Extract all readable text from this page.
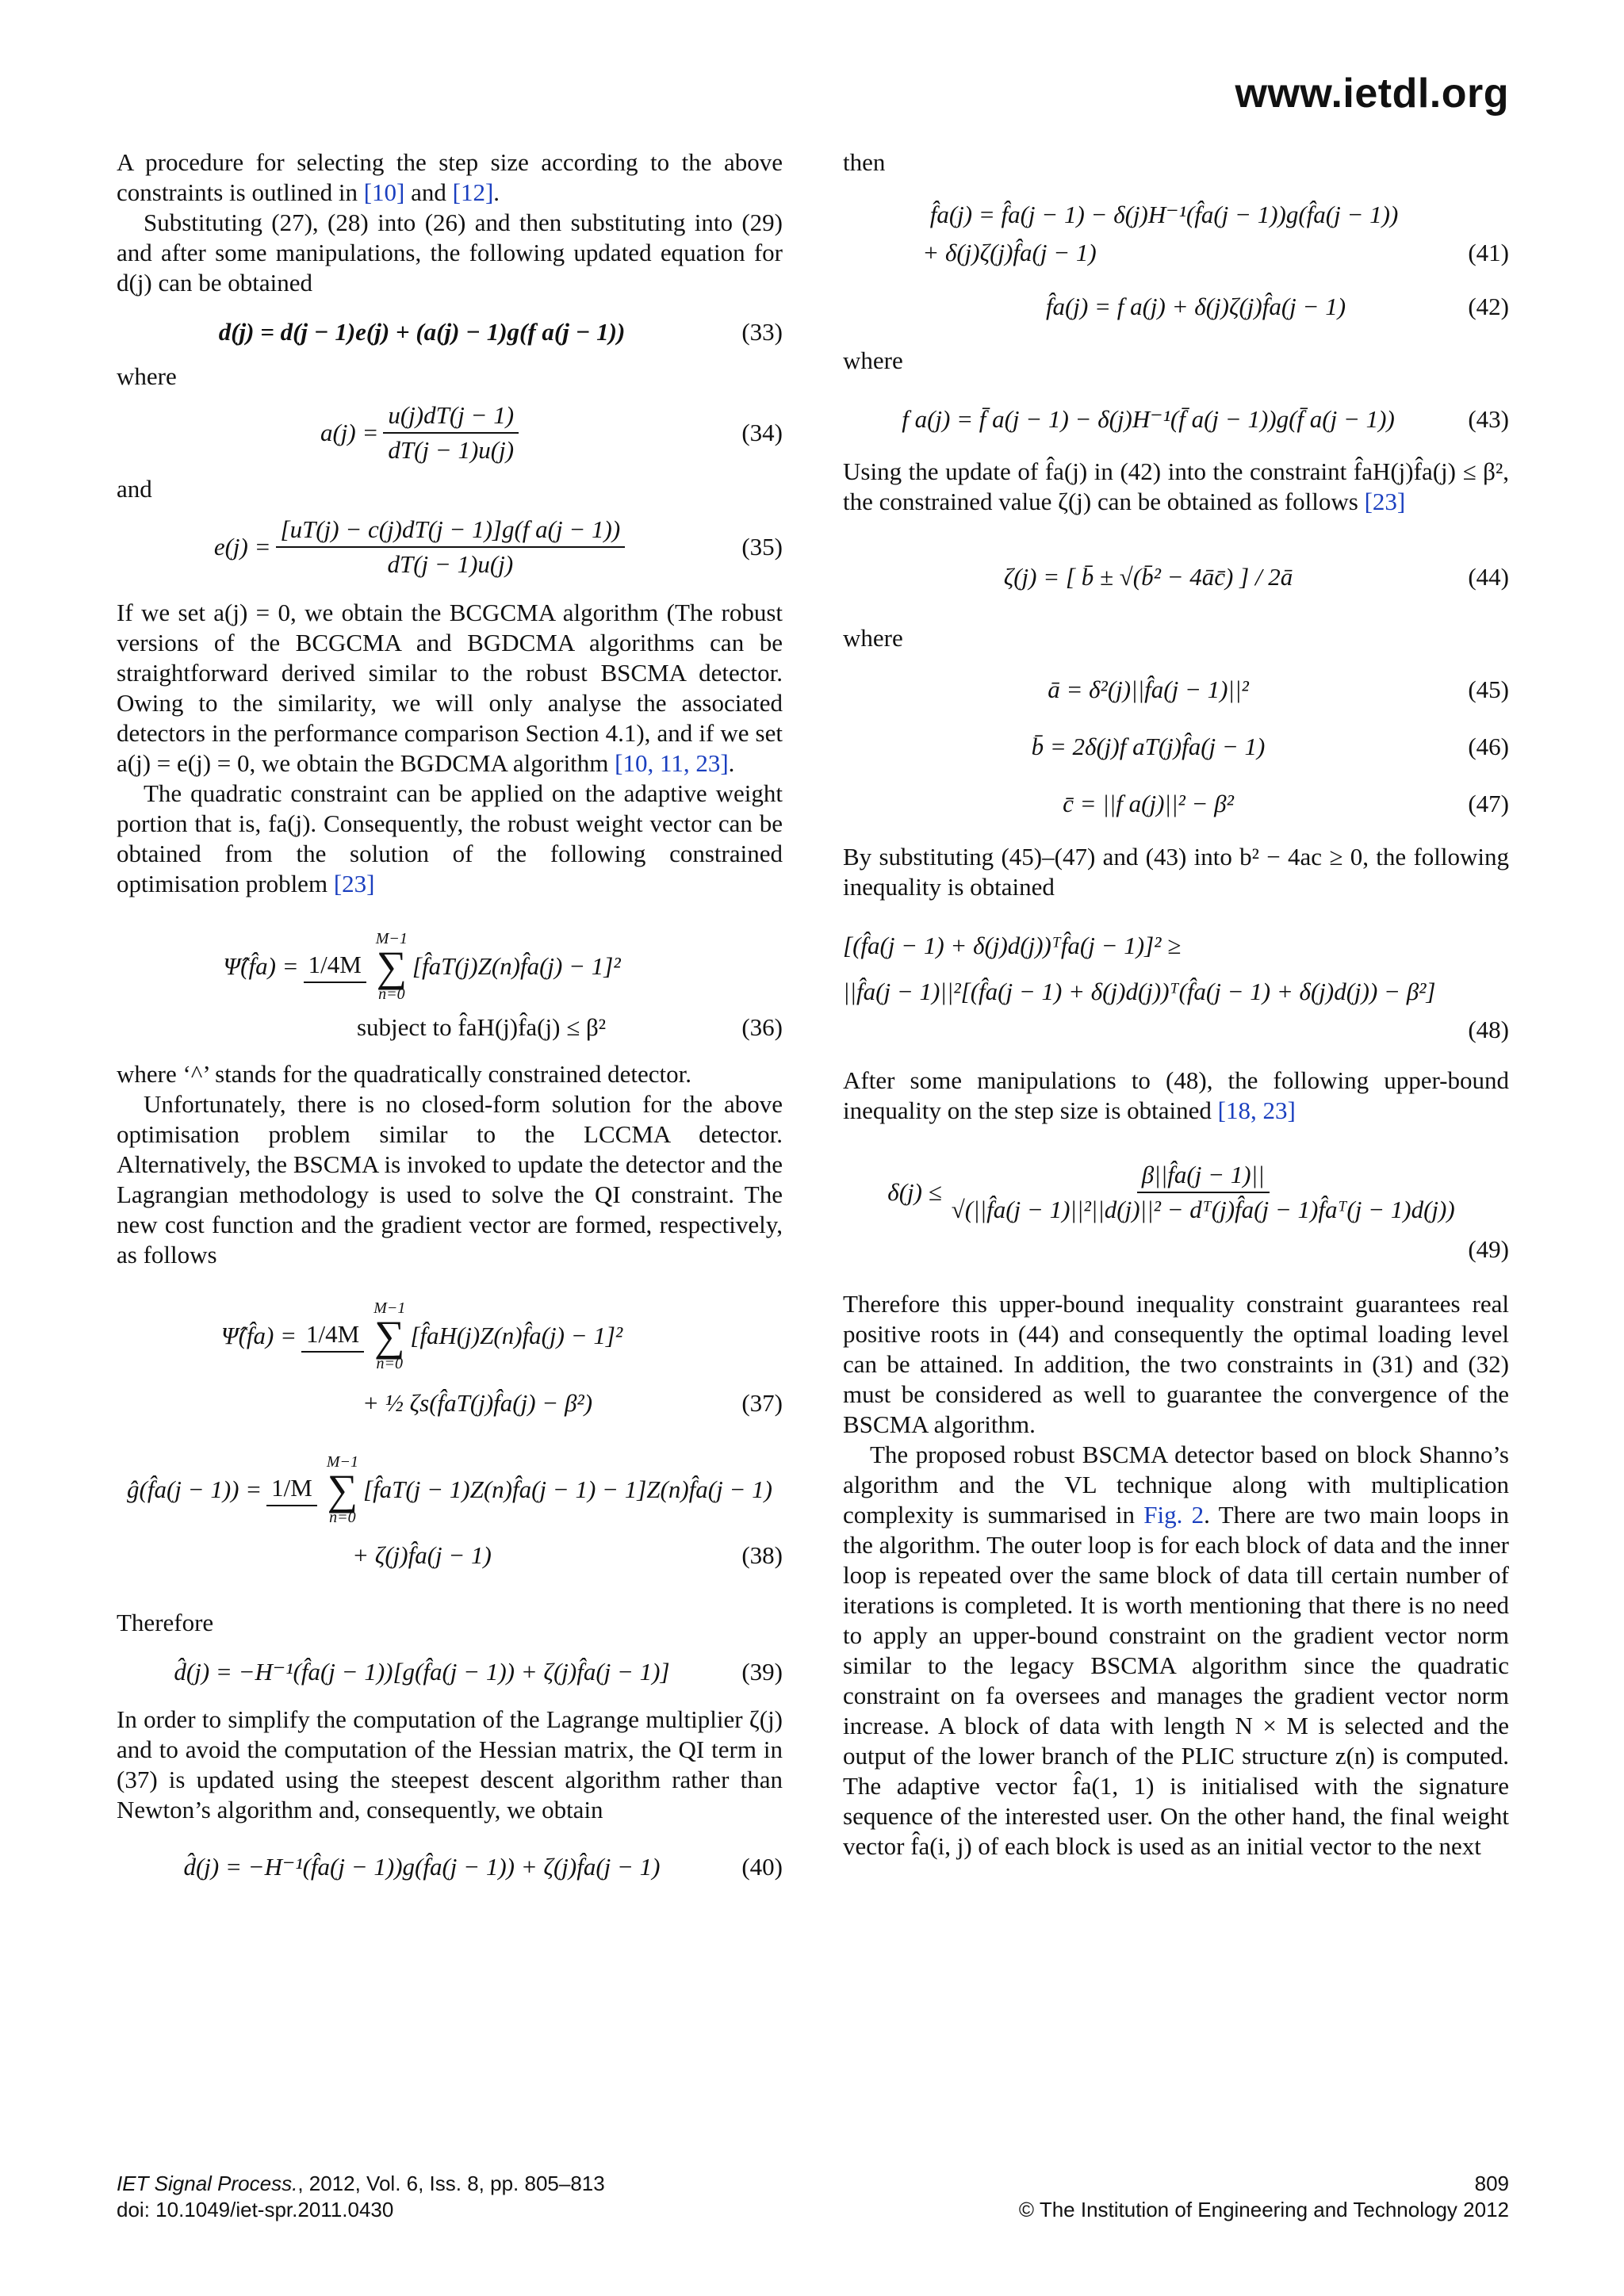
www.ietdl.org

A procedure for selecting the step size according to the above constraints is outlined in [10] and [12].

Substituting (27), (28) into (26) and then substituting into (29) and after some manipulations, the following updated equation for d(j) can be obtained

d(j) = d(j − 1)e(j) + (a(j) − 1)g(f a(j − 1))	(33)

where

$a(j) = \frac{u(j)dT(j - 1)}{dT(j - 1)u(j)}$	(34)

and

$e(j) = \frac{\text{[uT(j) − c(j)dT(j − 1)]g(f a(j − 1))}}{dT(j - 1)u(j)}$	(35)

If we set a(j) = 0, we obtain the BCGCMA algorithm (The robust versions of the BCGCMA and BGDCMA algorithms can be straightforward derived similar to the robust BSCMA detector. Owing to the similarity, we will only analyse the associated detectors in the performance comparison Section 4.1), and if we set a(j) = e(j) = 0, we obtain the BGDCMA algorithm [10, 11, 23].

The quadratic constraint can be applied on the adaptive weight portion that is, fa(j). Consequently, the robust weight vector can be obtained from the solution of the following constrained optimisation problem [23]

Ψ̂(f̂a) = 1/4M
M−1
∑
n=0
[f̂aT(j)Z(n)f̂a(j) − 1]²
subject to f̂aH(j)f̂a(j) ≤ β²	(36)

where ‘^’ stands for the quadratically constrained detector.

Unfortunately, there is no closed-form solution for the above optimisation problem similar to the LCCMA detector. Alternatively, the BSCMA is invoked to update the detector and the Lagrangian methodology is used to solve the QI constraint. The new cost function and the gradient vector are formed, respectively, as follows

Ψ̂(f̂a) = 1/4M
M−1
∑
n=0
[f̂aH(j)Z(n)f̂a(j) − 1]²
+ ½ ζs(f̂aT(j)f̂a(j) − β²)	(37)
ĝ(f̂a(j − 1)) = 1/M
M−1
∑
n=0
[f̂aT(j − 1)Z(n)f̂a(j − 1) − 1]Z(n)f̂a(j − 1)
+ ζ(j)f̂a(j − 1)	(38)

Therefore

d̂(j) = −H⁻¹(f̂a(j − 1))[g(f̂a(j − 1)) + ζ(j)f̂a(j − 1)]	(39)

In order to simplify the computation of the Lagrange multiplier ζ(j) and to avoid the computation of the Hessian matrix, the QI term in (37) is updated using the steepest descent algorithm rather than Newton’s algorithm and, consequently, we obtain

d̂(j) = −H⁻¹(f̂a(j − 1))g(f̂a(j − 1)) + ζ(j)f̂a(j − 1)	(40)

then

f̂a(j) = f̂a(j − 1) − δ(j)H⁻¹(f̂a(j − 1))g(f̂a(j − 1))
+ δ(j)ζ(j)f̂a(j − 1)	(41)
f̂a(j) = f a(j) + δ(j)ζ(j)f̂a(j − 1)	(42)

where

f a(j) = f̄ a(j − 1) − δ(j)H⁻¹(f̄ a(j − 1))g(f̄ a(j − 1))	(43)

Using the update of f̂a(j) in (42) into the constraint f̂aH(j)f̂a(j) ≤ β², the constrained value ζ(j) can be obtained as follows [23]

ζ(j) = [ b̄ ± √(b̄² − 4āc̄) ] / 2ā	(44)

where

ā = δ²(j)||f̂a(j − 1)||²	(45)
b̄ = 2δ(j)f aT(j)f̂a(j − 1)	(46)
c̄ = ||f a(j)||² − β²	(47)

By substituting (45)–(47) and (43) into b² − 4ac ≥ 0, the following inequality is obtained

[(f̂a(j − 1) + δ(j)d(j))ᵀf̂a(j − 1)]² ≥
||f̂a(j − 1)||²[(f̂a(j − 1) + δ(j)d(j))ᵀ(f̂a(j − 1) + δ(j)d(j)) − β²]
(48)

After some manipulations to (48), the following upper-bound inequality on the step size is obtained [18, 23]

$\delta(j) \le \frac{\beta||f̂a(j - 1)||}{\text{√(||f̂a(j − 1)||²||d(j)||² − dᵀ(j)f̂a(j − 1)f̂aᵀ(j − 1)d(j))}}$
(49)

Therefore this upper-bound inequality constraint guarantees real positive roots in (44) and consequently the optimal loading level can be attained. In addition, the two constraints in (31) and (32) must be considered as well to guarantee the convergence of the BSCMA algorithm.

The proposed robust BSCMA detector based on block Shanno’s algorithm and the VL technique along with multiplication complexity is summarised in Fig. 2. There are two main loops in the algorithm. The outer loop is for each block of data and the inner loop is repeated over the same block of data till certain number of iterations is completed. It is worth mentioning that there is no need to apply an upper-bound constraint on the gradient vector norm similar to the legacy BSCMA algorithm since the quadratic constraint on fa oversees and manages the gradient vector norm increase. A block of data with length N × M is selected and the output of the lower branch of the PLIC structure z(n) is computed. The adaptive vector f̂a(1, 1) is initialised with the signature sequence of the interested user. On the other hand, the final weight vector f̂a(i, j) of each block is used as an initial vector to the next

IET Signal Process., 2012, Vol. 6, Iss. 8, pp. 805–813
doi: 10.1049/iet-spr.2011.0430
809
© The Institution of Engineering and Technology 2012
